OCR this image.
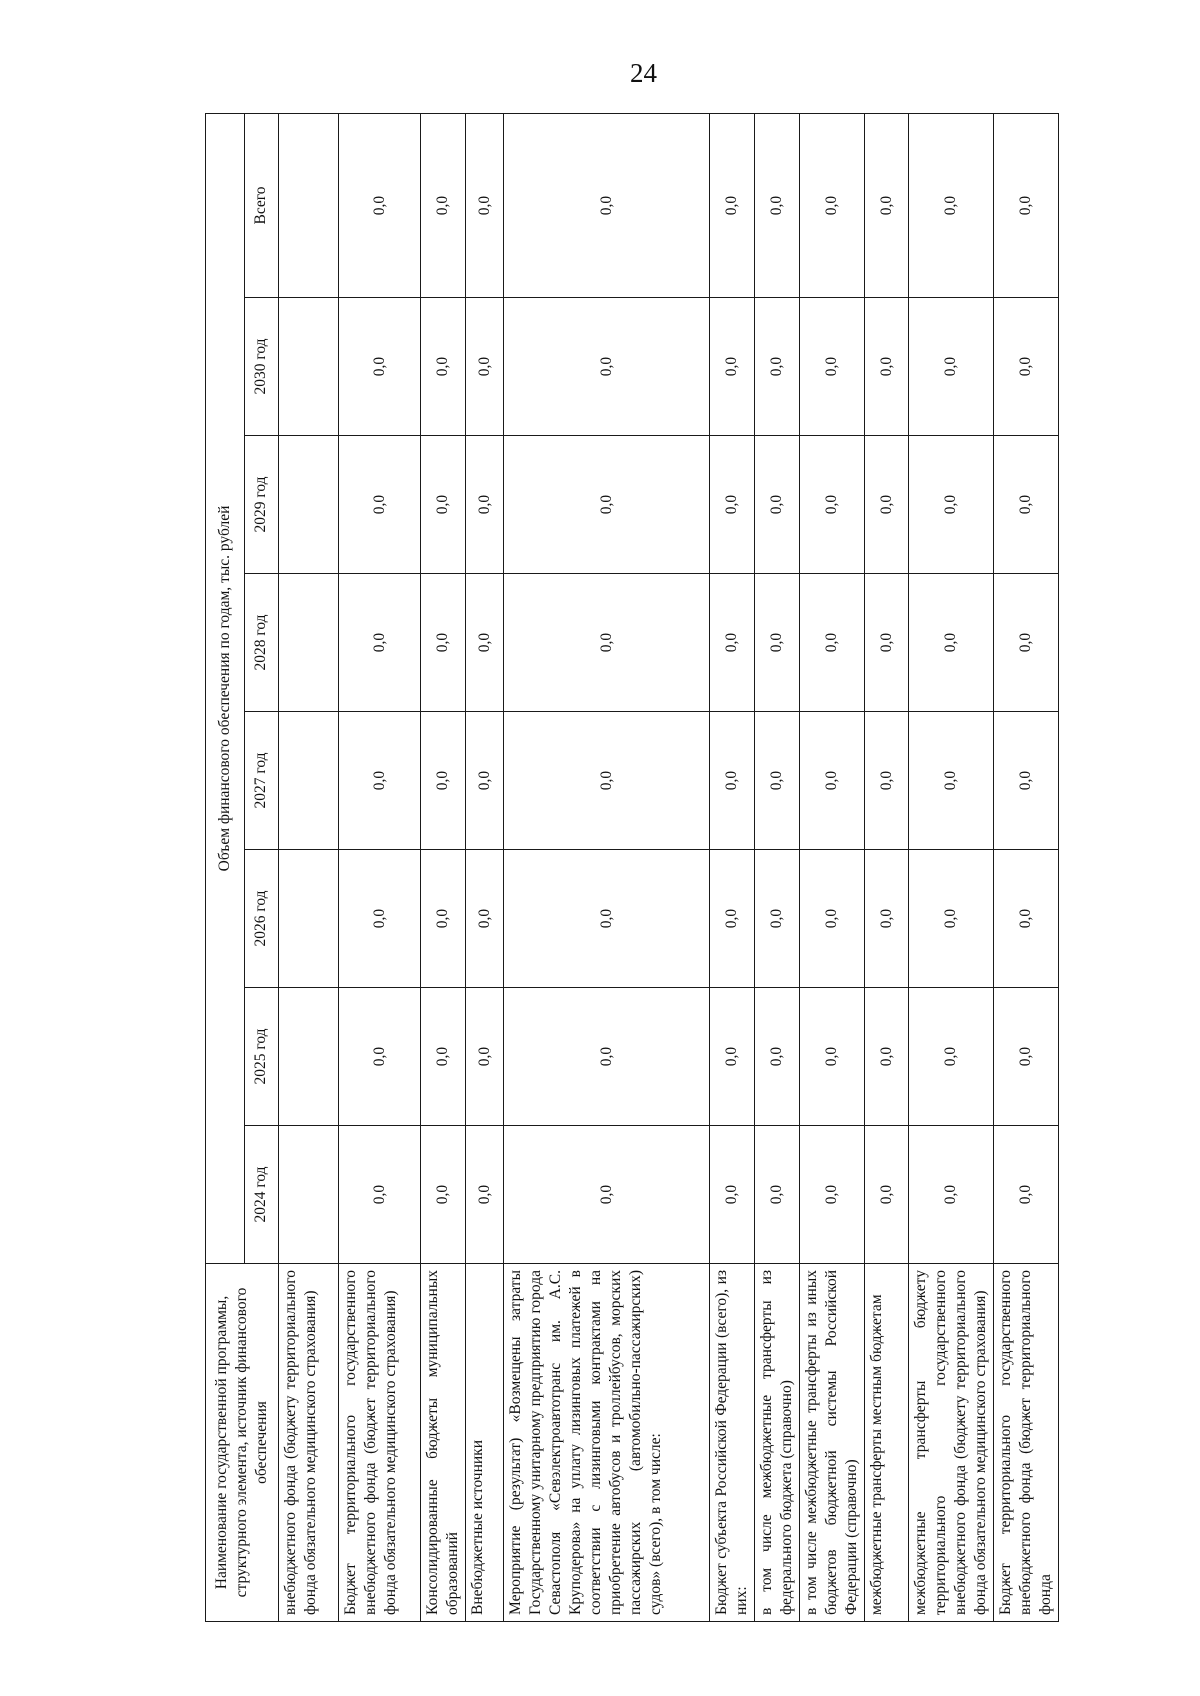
24
Наименование государственной программы, структурного элемента, источник финансового обеспечения	Объем финансового обеспечения по годам, тыс. рублей							
	2024 год	2025 год	2026 год	2027 год	2028 год	2029 год	2030 год	Всего
внебюджетного фонда (бюджету территориального фонда обязательного медицинского страхования)								
Бюджет территориального государственного внебюджетного фонда (бюджет территориального фонда обязательного медицинского страхования)	0,0	0,0	0,0	0,0	0,0	0,0	0,0	0,0
Консолидированные бюджеты муниципальных образований	0,0	0,0	0,0	0,0	0,0	0,0	0,0	0,0
Внебюджетные источники	0,0	0,0	0,0	0,0	0,0	0,0	0,0	0,0
Мероприятие (результат) «Возмещены затраты Государственному унитарному предприятию города Севастополя «Севэлектроавтотранс им. А.С. Круподерова» на уплату лизинговых платежей в соответствии с лизинговыми контрактами на приобретение автобусов и троллейбусов, морских пассажирских (автомобильно-пассажирских) судов» (всего), в том числе:	0,0	0,0	0,0	0,0	0,0	0,0	0,0	0,0
Бюджет субъекта Российской Федерации (всего), из них:	0,0	0,0	0,0	0,0	0,0	0,0	0,0	0,0
в том числе межбюджетные трансферты из федерального бюджета (справочно)	0,0	0,0	0,0	0,0	0,0	0,0	0,0	0,0
в том числе межбюджетные трансферты из иных бюджетов бюджетной системы Российской Федерации (справочно)	0,0	0,0	0,0	0,0	0,0	0,0	0,0	0,0
межбюджетные трансферты местным бюджетам	0,0	0,0	0,0	0,0	0,0	0,0	0,0	0,0
межбюджетные трансферты бюджету территориального государственного внебюджетного фонда (бюджету территориального фонда обязательного медицинского страхования)	0,0	0,0	0,0	0,0	0,0	0,0	0,0	0,0
Бюджет территориального государственного внебюджетного фонда (бюджет территориального фонда	0,0	0,0	0,0	0,0	0,0	0,0	0,0	0,0
